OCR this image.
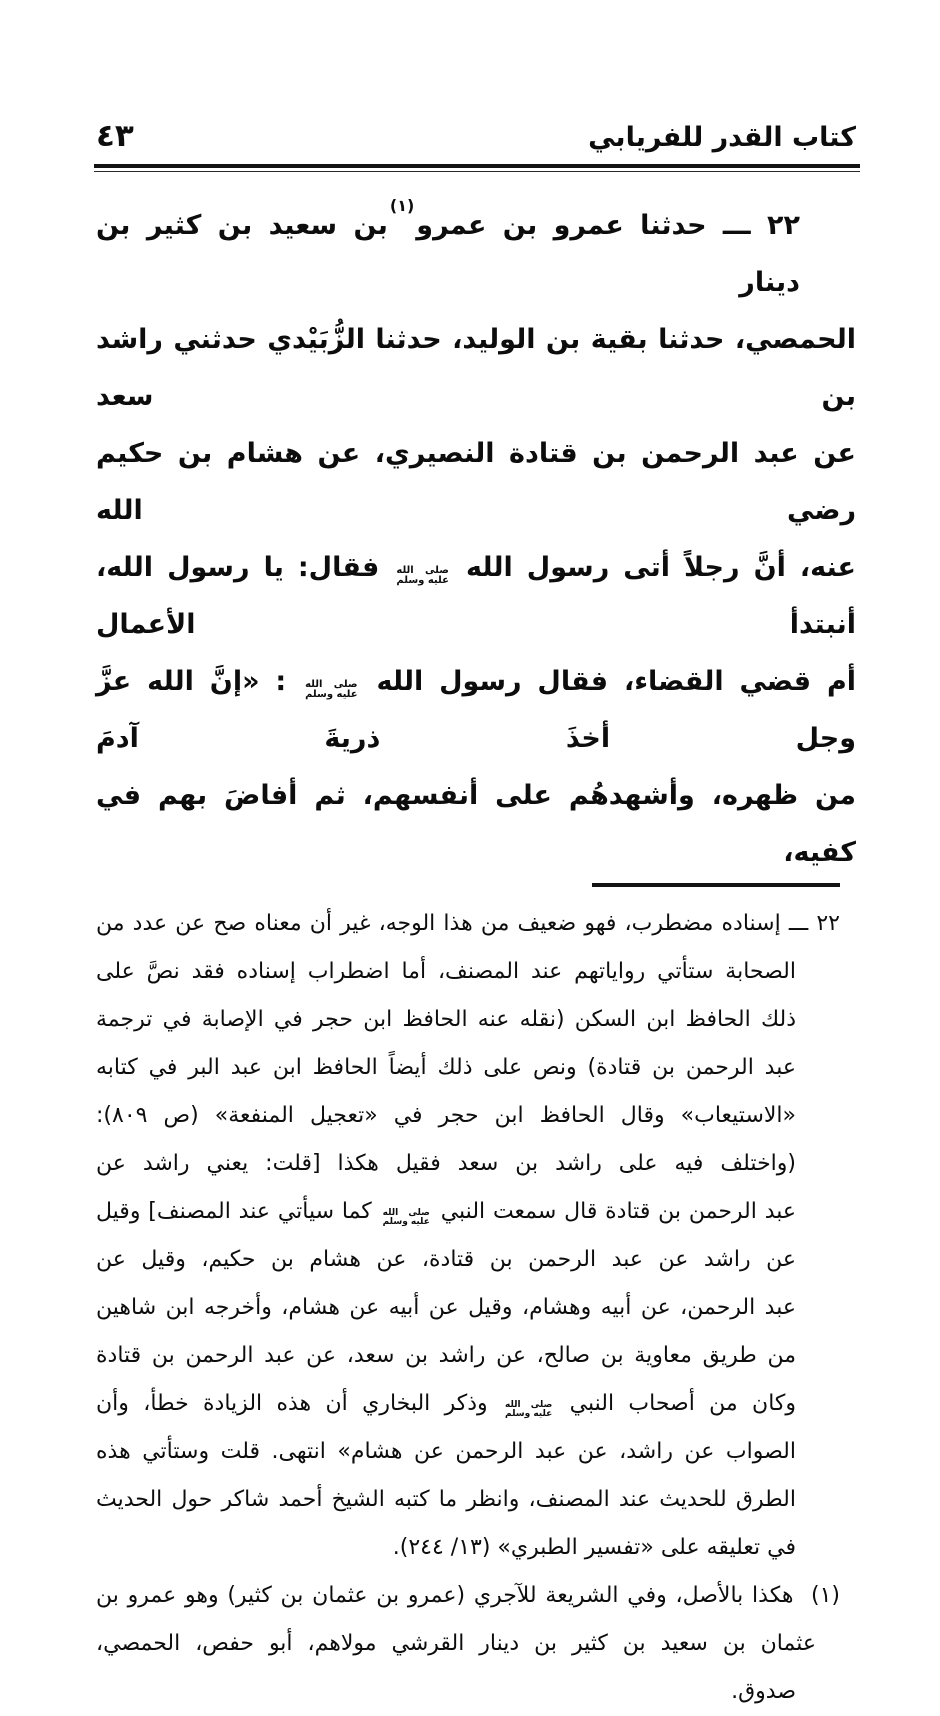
٤٣	كتاب القدر للفريابي
٢٢ ـــ حدثنا عمرو بن عمرو$^{(١)}$بن سعيد بن كثير بن دينار
الحمصي، حدثنا بقية بن الوليد، حدثنا الزُّبَيْدي حدثني راشد بن سعد
عن عبد الرحمن بن قتادة النصيري، عن هشام بن حكيم رضي الله
عنه، أنَّ رجلاً أتى رسول الله
صلى الله
عليه وسلم
فقال: يا رسول الله، أنبتدأ الأعمال
أم قضي القضاء، فقال رسول الله
صلى الله
عليه وسلم
: «إنَّ الله عزَّ وجل أخذَ ذريةَ آدمَ
من ظهره، وأشهدهُم على أنفسهم، ثم أفاضَ بهم في كفيه،
٢٢ ـــ إسناده مضطرب، فهو ضعيف من هذا الوجه، غير أن معناه صح عن عدد من
الصحابة ستأتي رواياتهم عند المصنف، أما اضطراب إسناده فقد نصَّ على
ذلك الحافظ ابن السكن (نقله عنه الحافظ ابن حجر في الإصابة في ترجمة
عبد الرحمن بن قتادة) ونص على ذلك أيضاً الحافظ ابن عبد البر في كتابه
«الاستيعاب» وقال الحافظ ابن حجر في «تعجيل المنفعة» (ص ٨٠٩):
(واختلف فيه على راشد بن سعد فقيل هكذا [قلت: يعني راشد عن
عبد الرحمن بن قتادة قال سمعت النبي
صلى الله
عليه وسلم
كما سيأتي عند المصنف] وقيل
عن راشد عن عبد الرحمن بن قتادة، عن هشام بن حكيم، وقيل عن
عبد الرحمن، عن أبيه وهشام، وقيل عن أبيه عن هشام، وأخرجه ابن شاهين
من طريق معاوية بن صالح، عن راشد بن سعد، عن عبد الرحمن بن قتادة
وكان من أصحاب النبي
صلى الله
عليه وسلم
وذكر البخاري أن هذه الزيادة خطأ، وأن
الصواب عن راشد، عن عبد الرحمن عن هشام» انتهى. قلت وستأتي هذه
الطرق للحديث عند المصنف، وانظر ما كتبه الشيخ أحمد شاكر حول الحديث
في تعليقه على «تفسير الطبري» (١٣/ ٢٤٤).
(١)  هكذا بالأصل، وفي الشريعة للآجري (عمرو بن عثمان بن كثير) وهو عمرو بن
عثمان بن سعيد بن كثير بن دينار القرشي مولاهم، أبو حفص، الحمصي،
صدوق.
